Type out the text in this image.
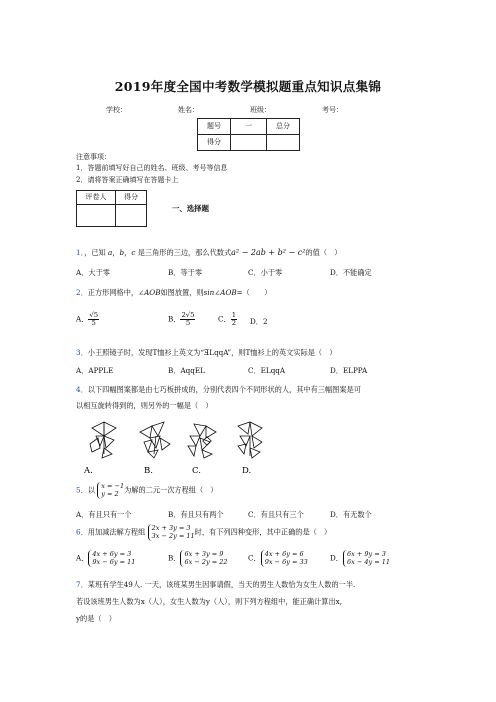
2019年度全国中考数学模拟题重点知识点集锦
学校：	姓名：	班级：	考号：
题号	一	总分
得分		
注意事项：
1．答题前填写好自己的姓名、班级、考号等信息
2．请将答案正确填写在答题卡上
评卷人	得分

一、选择题
1．，已知 a，b，c 是三角形的三边，那么代数式a² − 2ab + b² − c²的值（　）
A．大于零	B．等于零	C．小于零	D．不能确定
2．正方形网格中，∠AOB如图放置，则sin∠AOB=（　　）
A． $\frac{√5}{5}$	B． $\frac{2√5}{5}$	C． $\frac{1}{2}$ D．2
3．小王照镜子时，发现T恤衫上英文为“ƎLqqA”，则T恤衫上的英文实际是（　）
A．APPLE	B．AqqEL	C．ELqqA	D．ELPPA
4．以下四幅图案都是由七巧板拼成的，分别代表四个不同形状的人，其中有三幅图案是可
以相互旋转得到的，则另外的一幅是（　）
A.	B.	C.	D.
5．以 x = −1
y = 2 为解的二元一次方程组（　）
A．有且只有一个	B．有且只有两个	C．有且只有三个	D．有无数个
6．用加减法解方程组 2x + 3y = 3
3x − 2y = 11 时，有下列四种变形，其中正确的是（　）
A． 4x + 6y = 3
9x − 6y = 11	B． 6x + 3y = 9
6x − 2y = 22	C． 4x + 6y = 6
9x − 6y = 33	D． 6x + 9y = 3
6x − 4y = 11
7．某班有学生49人. 一天，该班某男生因事请假，当天的男生人数恰为女生人数的一半.
若设该班男生人数为x（人），女生人数为y（人），则下列方程组中，能正确计算出x,
y的是（　）
